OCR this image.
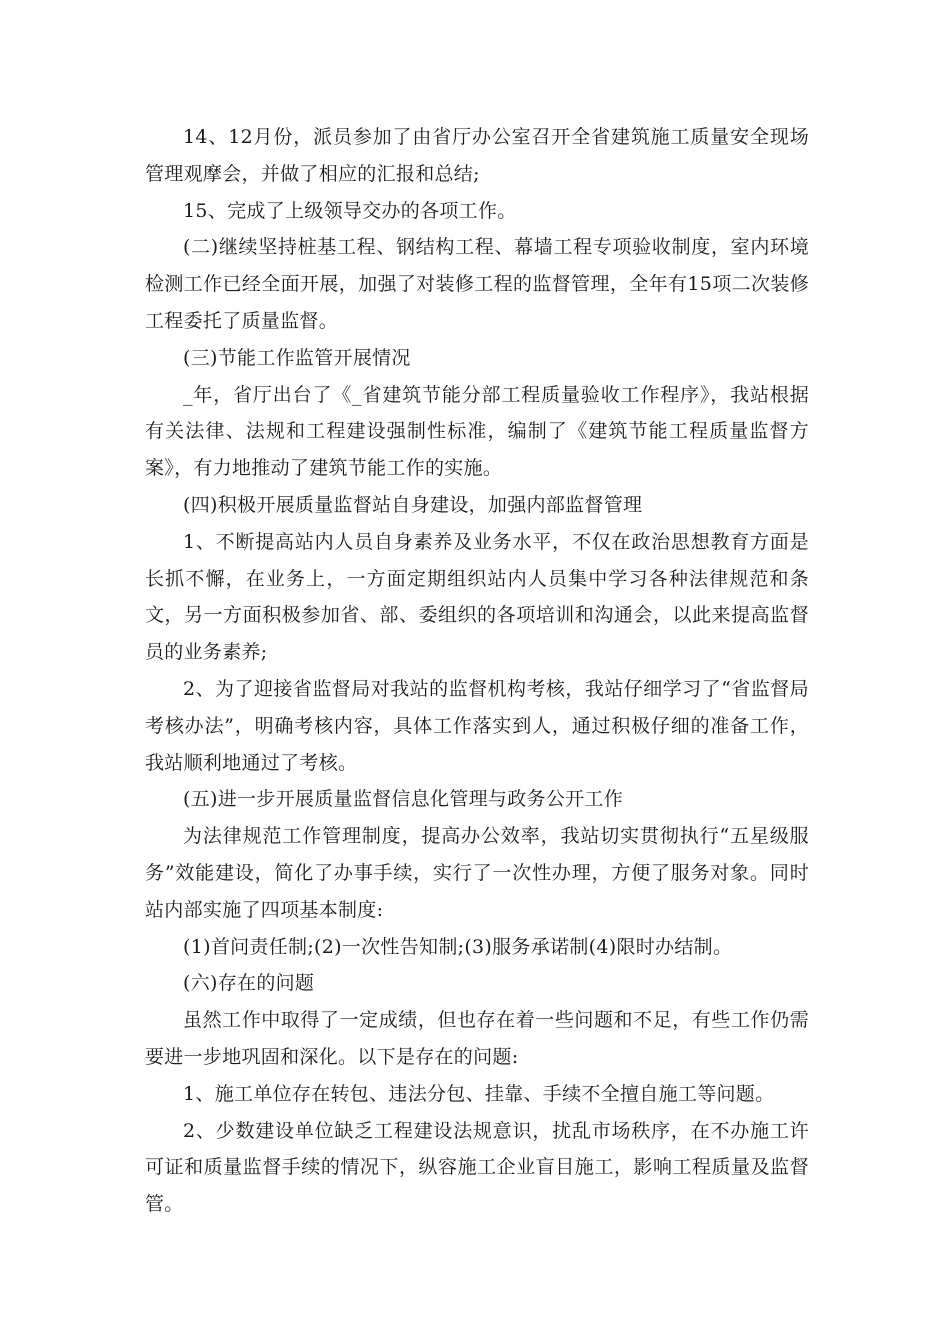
14、12月份，派员参加了由省厅办公室召开全省建筑施工质量安全现场管理观摩会，并做了相应的汇报和总结;

15、完成了上级领导交办的各项工作。

(二)继续坚持桩基工程、钢结构工程、幕墙工程专项验收制度，室内环境检测工作已经全面开展，加强了对装修工程的监督管理，全年有15项二次装修工程委托了质量监督。

(三)节能工作监管开展情况

_年，省厅出台了《_省建筑节能分部工程质量验收工作程序》，我站根据有关法律、法规和工程建设强制性标准，编制了《建筑节能工程质量监督方案》，有力地推动了建筑节能工作的实施。

(四)积极开展质量监督站自身建设，加强内部监督管理

1、不断提高站内人员自身素养及业务水平，不仅在政治思想教育方面是长抓不懈，在业务上，一方面定期组织站内人员集中学习各种法律规范和条文，另一方面积极参加省、部、委组织的各项培训和沟通会，以此来提高监督员的业务素养;

2、为了迎接省监督局对我站的监督机构考核，我站仔细学习了“省监督局考核办法”，明确考核内容，具体工作落实到人，通过积极仔细的准备工作，我站顺利地通过了考核。

(五)进一步开展质量监督信息化管理与政务公开工作

为法律规范工作管理制度，提高办公效率，我站切实贯彻执行“五星级服务”效能建设，简化了办事手续，实行了一次性办理，方便了服务对象。同时站内部实施了四项基本制度:

(1)首问责任制;(2)一次性告知制;(3)服务承诺制(4)限时办结制。

(六)存在的问题

虽然工作中取得了一定成绩，但也存在着一些问题和不足，有些工作仍需要进一步地巩固和深化。以下是存在的问题:

1、施工单位存在转包、违法分包、挂靠、手续不全擅自施工等问题。

2、少数建设单位缺乏工程建设法规意识，扰乱市场秩序，在不办施工许可证和质量监督手续的情况下，纵容施工企业盲目施工，影响工程质量及监督管。
